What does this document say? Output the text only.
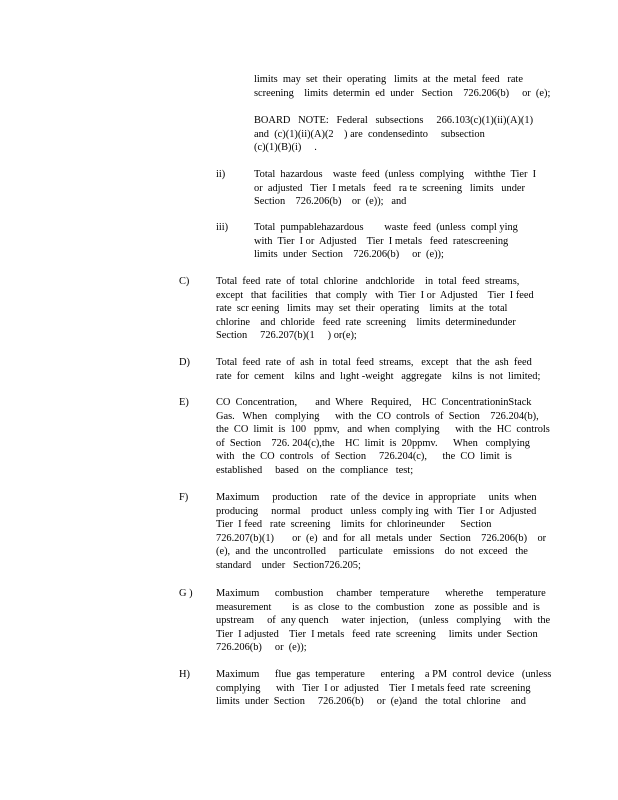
limits  may  set  their  operating   limits  at  the  metal  feed   rate
screening    limits  determin  ed  under   Section    726.206(b)     or  (e);
BOARD   NOTE:   Federal   subsections     266.103(c)(1)(ii)(A)(1)
and  (c)(1)(ii)(A)(2    ) are  condensedinto     subsection
(c)(1)(B)(i)     .
ii)	Total  hazardous    waste  feed  (unless  complying    withthe  Tier  I
or  adjusted   Tier  I metals   feed   ra te  screening   limits   under
Section    726.206(b)    or  (e));   and
iii) Total  pumpablehazardous        waste  feed  (unless  compl ying
with  Tier  I or  Adjusted    Tier  I metals   feed  ratescreening
limits  under  Section    726.206(b)     or  (e));
C)	Total  feed  rate  of  total  chlorine   andchloride    in  total  feed  streams,
except   that  facilities   that  comply   with  Tier  I or  Adjusted    Tier  I feed
rate  scr eening   limits  may  set  their  operating    limits  at  the  total
chlorine    and  chloride   feed  rate  screening    limits  determinedunder
Section     726.207(b)(1     ) or(e);
D)	Total  feed  rate  of  ash  in  total  feed  streams,   except   that  the  ash  feed
rate  for  cement    kilns  and  lıght -weight   aggregate    kilns  is  not  limited;
E)	CO  Concentration,       and  Where   Required,    HC  ConcentrationinStack
Gas.   When   complying      with  the  CO  controls  of  Section    726.204(b),
the  CO  limit  is  100   ppmv,   and  when  complying      with  the  HC  controls
of  Section    726. 204(c),the    HC  limit  is  20ppmv.      When   complying
with   the  CO  controls   of  Section     726.204(c),      the  CO  limit  is
established     based   on  the  compliance   test;
F)	Maximum     production     rate  of  the  device  in  appropriate     units  when
producing     normal    product   unless  comply ing  with  Tier  I or  Adjusted
Tier  I feed   rate  screening    limits  for  chlorineunder      Section
726.207(b)(1)       or  (e)  and  for  all  metals  under   Section    726.206(b)    or
(e),  and  the  uncontrolled     particulate    emissions    do  not  exceed   the
standard    under   Section726.205;
G ) Maximum      combustion     chamber   temperature      wherethe     temperature
measurement        is  as  close  to  the  combustion    zone  as  possible  and  is
upstream     of  any quench     water  injection,    (unless   complying     with  the
Tier  I adjusted    Tier  I metals   feed  rate  screening     limits  under  Section
726.206(b)     or  (e));
H)	Maximum      flue  gas  temperature      entering    a PM  control  device   (unless
complying      with   Tier  I or  adjusted    Tier  I metals feed  rate  screening
limits  under  Section     726.206(b)     or  (e)and   the  total  chlorine    and
